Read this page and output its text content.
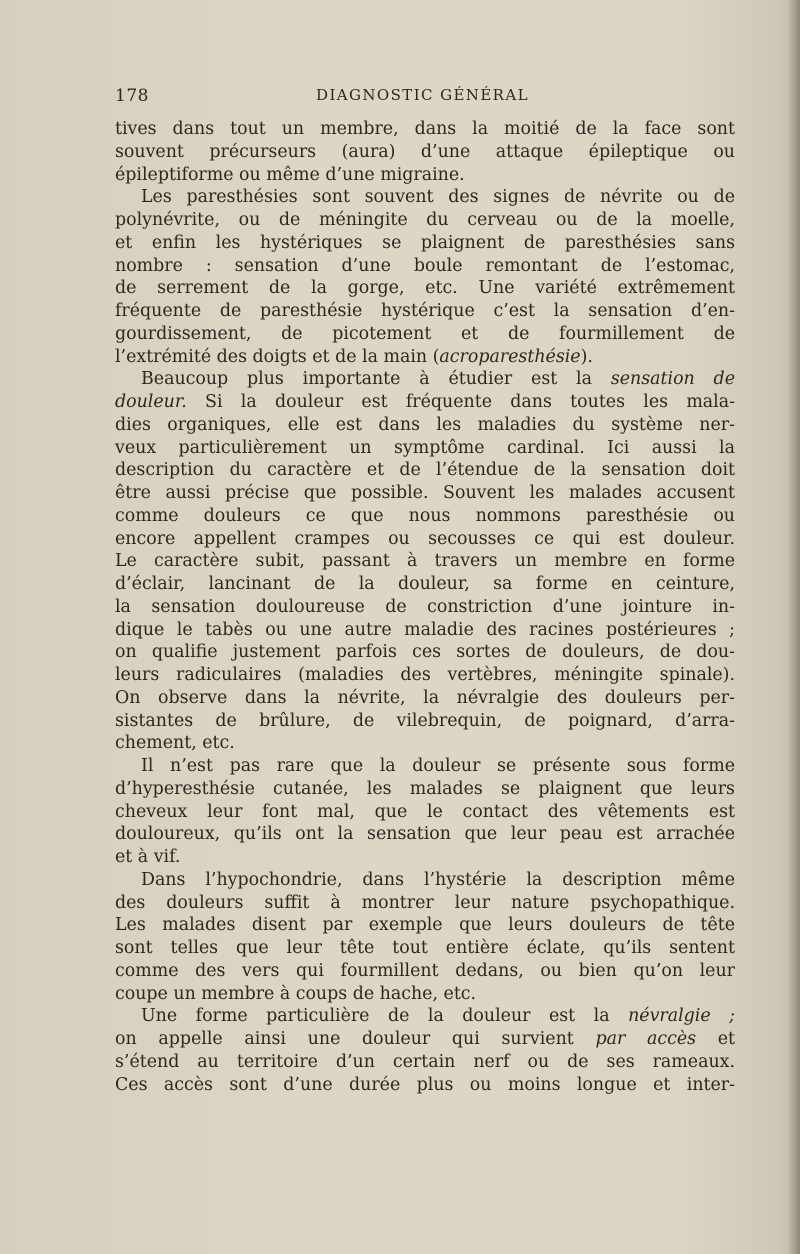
178	DIAGNOSTIC GÉNÉRAL
tives dans tout un membre, dans la moitié de la face sont
souvent précurseurs (aura) d’une attaque épileptique ou
épileptiforme ou même d’une migraine.
Les paresthésies sont souvent des signes de névrite ou de
polynévrite, ou de méningite du cerveau ou de la moelle,
et enfin les hystériques se plaignent de paresthésies sans
nombre : sensation d’une boule remontant de l’estomac,
de serrement de la gorge, etc. Une variété extrêmement
fréquente de paresthésie hystérique c’est la sensation d’en-
gourdissement, de picotement et de fourmillement de
l’extrémité des doigts et de la main (acroparesthésie).
Beaucoup plus importante à étudier est la sensation de
douleur. Si la douleur est fréquente dans toutes les mala-
dies organiques, elle est dans les maladies du système ner-
veux particulièrement un symptôme cardinal. Ici aussi la
description du caractère et de l’étendue de la sensation doit
être aussi précise que possible. Souvent les malades accusent
comme douleurs ce que nous nommons paresthésie ou
encore appellent crampes ou secousses ce qui est douleur.
Le caractère subit, passant à travers un membre en forme
d’éclair, lancinant de la douleur, sa forme en ceinture,
la sensation douloureuse de constriction d’une jointure in-
dique le tabès ou une autre maladie des racines postérieures ;
on qualifie justement parfois ces sortes de douleurs, de dou-
leurs radiculaires (maladies des vertèbres, méningite spinale).
On observe dans la névrite, la névralgie des douleurs per-
sistantes de brûlure, de vilebrequin, de poignard, d’arra-
chement, etc.
Il n’est pas rare que la douleur se présente sous forme
d’hyperesthésie cutanée, les malades se plaignent que leurs
cheveux leur font mal, que le contact des vêtements est
douloureux, qu’ils ont la sensation que leur peau est arrachée
et à vif.
Dans l’hypochondrie, dans l’hystérie la description même
des douleurs suffit à montrer leur nature psychopathique.
Les malades disent par exemple que leurs douleurs de tête
sont telles que leur tête tout entière éclate, qu’ils sentent
comme des vers qui fourmillent dedans, ou bien qu’on leur
coupe un membre à coups de hache, etc.
Une forme particulière de la douleur est la névralgie ;
on appelle ainsi une douleur qui survient par accès et
s’étend au territoire d’un certain nerf ou de ses rameaux.
Ces accès sont d’une durée plus ou moins longue et inter-
